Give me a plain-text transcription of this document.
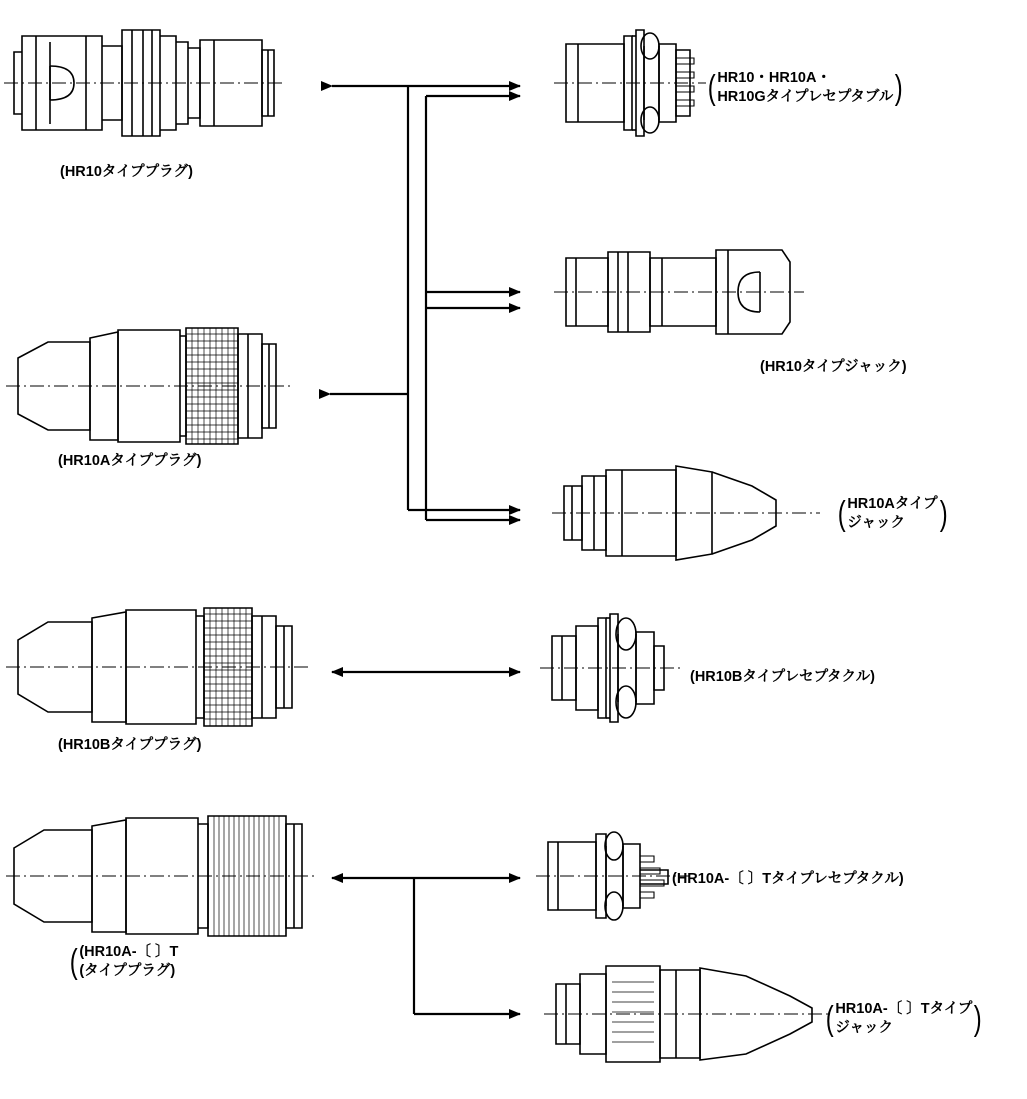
(HR10タイププラグ)
(HR10Aタイププラグ)
(HR10Bタイププラグ)
( (HR10A-〔 〕T
(タイププラグ)
( HR10・HR10A・
HR10Gタイプレセプタブル )
(HR10タイプジャック)
( HR10Aタイプ
ジャック	)
(HR10Bタイプレセプタクル)
(HR10A-〔 〕Tタイプレセプタクル)
( HR10A-〔 〕Tタイプ
ジャック	)
